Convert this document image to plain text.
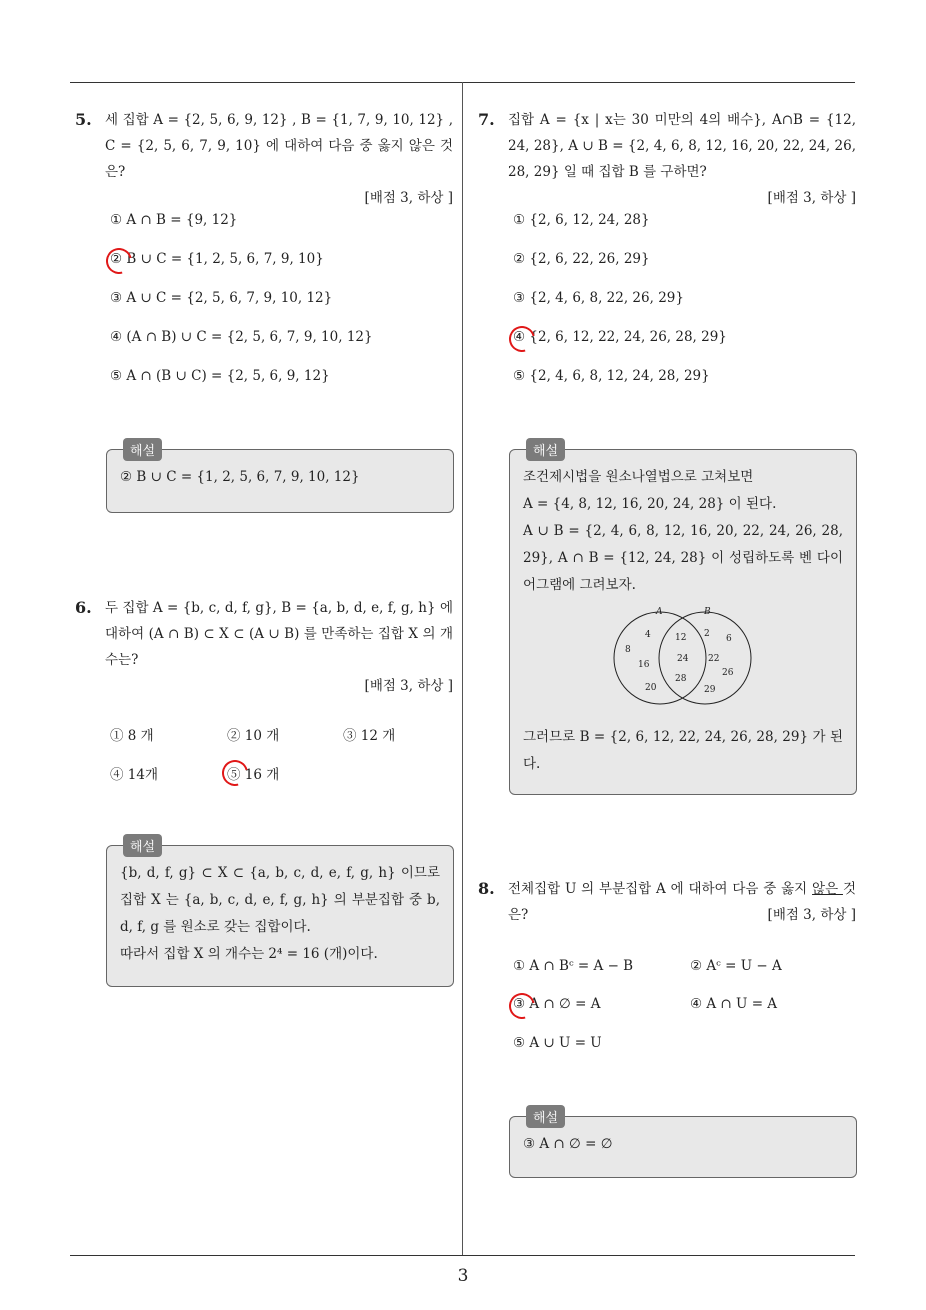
3
5. 세 집합 A = {2, 5, 6, 9, 12} , B = {1, 7, 9, 10, 12} , C = {2, 5, 6, 7, 9, 10} 에 대하여 다음 중 옳지 않은 것은?
[배점 3, 하상 ]
① A ∩ B = {9, 12}
② B ∪ C = {1, 2, 5, 6, 7, 9, 10}
③ A ∪ C = {2, 5, 6, 7, 9, 10, 12}
④ (A ∩ B) ∪ C = {2, 5, 6, 7, 9, 10, 12}
⑤ A ∩ (B ∪ C) = {2, 5, 6, 9, 12}
해설
② B ∪ C = {1, 2, 5, 6, 7, 9, 10, 12}
6. 두 집합 A = {b, c, d, f, g}, B = {a, b, d, e, f, g, h} 에 대하여 (A ∩ B) ⊂ X ⊂ (A ∪ B) 를 만족하는 집합 X 의 개수는?
[배점 3, 하상 ]
① 8 개	② 10 개	③ 12 개
④ 14개	⑤ 16 개
해설
{b, d, f, g} ⊂ X ⊂ {a, b, c, d, e, f, g, h} 이므로 집합 X 는 {a, b, c, d, e, f, g, h} 의 부분집합 중 b, d, f, g 를 원소로 갖는 집합이다.
따라서 집합 X 의 개수는 2⁴ = 16 (개)이다.
7. 집합 A = {x | x는 30 미만의 4의 배수}, A∩B = {12, 24, 28}, A ∪ B = {2, 4, 6, 8, 12, 16, 20, 22, 24, 26, 28, 29} 일 때 집합 B 를 구하면?
[배점 3, 하상 ]
① {2, 6, 12, 24, 28}
② {2, 6, 22, 26, 29}
③ {2, 4, 6, 8, 22, 26, 29}
④ {2, 6, 12, 22, 24, 26, 28, 29}
⑤ {2, 4, 6, 8, 12, 24, 28, 29}
해설
조건제시법을 원소나열법으로 고쳐보면
A = {4, 8, 12, 16, 20, 24, 28} 이 된다.
A ∪ B = {2, 4, 6, 8, 12, 16, 20, 22, 24, 26, 28, 29}, A ∩ B = {12, 24, 28} 이 성립하도록 벤 다이어그램에 그려보자.
A	B
4
8
16
20
12
24
28
2 6
22
26
29
그러므로 B = {2, 6, 12, 22, 24, 26, 28, 29} 가 된다.
8. 전체집합 U 의 부분집합 A 에 대하여 다음 중 옳지 않은 것은?	[배점 3, 하상 ]
① A ∩ Bᶜ = A − B	② Aᶜ = U − A
③ A ∩ ∅ = A	④ A ∩ U = A
⑤ A ∪ U = U
해설
③ A ∩ ∅ = ∅
